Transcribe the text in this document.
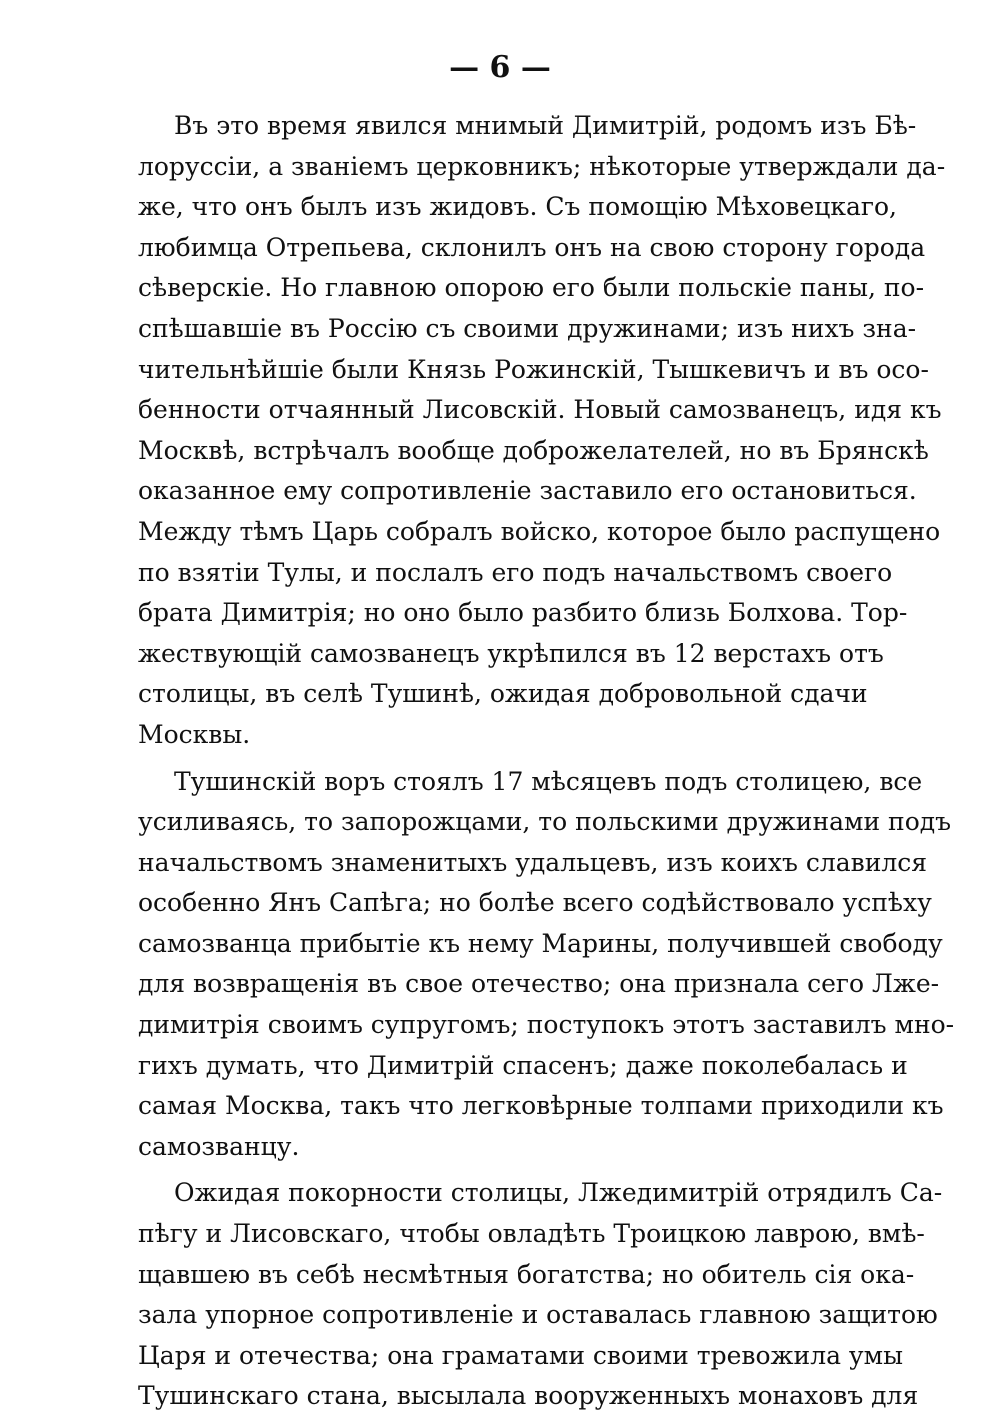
— 6 —
Въ это время явился мнимый Димитрій, родомъ изъ Бѣ-
лоруссіи, а званіемъ церковникъ; нѣкоторые утверждали да-
же, что онъ былъ изъ жидовъ. Съ помощію Мѣховецкаго,
любимца Отрепьева, склонилъ онъ на свою сторону города
сѣверскіе. Но главною опорою его были польскіе паны, по-
спѣшавшіе въ Россію съ своими дружинами; изъ нихъ зна-
чительнѣйшіе были Князь Рожинскій, Тышкевичъ и въ осо-
бенности отчаянный Лисовскій. Новый самозванецъ, идя къ
Москвѣ, встрѣчалъ вообще доброжелателей, но въ Брянскѣ
оказанное ему сопротивленіе заставило его остановиться.
Между тѣмъ Царь собралъ войско, которое было распущено
по взятіи Тулы, и послалъ его подъ начальствомъ своего
брата Димитрія; но оно было разбито близь Болхова. Тор-
жествующій самозванецъ укрѣпился въ 12 верстахъ отъ
столицы, въ селѣ Тушинѣ, ожидая добровольной сдачи
Москвы.
Тушинскій воръ стоялъ 17 мѣсяцевъ подъ столицею, все
усиливаясь, то запорожцами, то польскими дружинами подъ
начальствомъ знаменитыхъ удальцевъ, изъ коихъ славился
особенно Янъ Сапѣга; но болѣе всего содѣйствовало успѣху
самозванца прибытіе къ нему Марины, получившей свободу
для возвращенія въ свое отечество; она признала сего Лже-
димитрія своимъ супругомъ; поступокъ этотъ заставилъ мно-
гихъ думать, что Димитрій спасенъ; даже поколебалась и
самая Москва, такъ что легковѣрные толпами приходили къ
самозванцу.
Ожидая покорности столицы, Лжедимитрій отрядилъ Са-
пѣгу и Лисовскаго, чтобы овладѣть Троицкою лаврою, вмѣ-
щавшею въ себѣ несмѣтныя богатства; но обитель сія ока-
зала упорное сопротивленіе и оставалась главною защитою
Царя и отечества; она граматами своими тревожила умы
Тушинскаго стана, высылала вооруженныхъ монаховъ для
